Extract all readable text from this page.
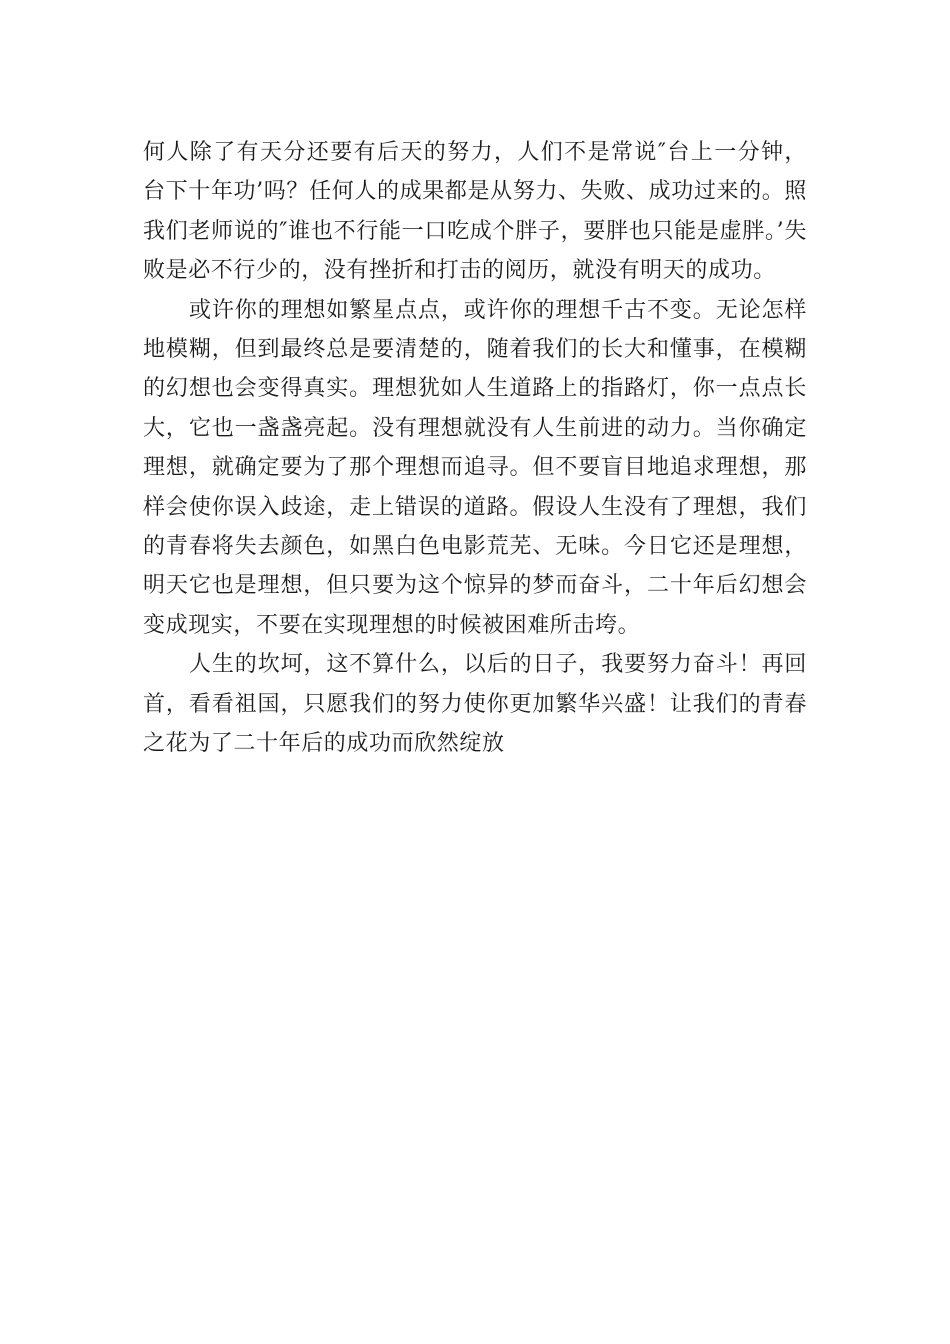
何人除了有天分还要有后天的努力，人们不是常说″台上一分钟，台下十年功’吗？任何人的成果都是从努力、失败、成功过来的。照我们老师说的″谁也不行能一口吃成个胖子，要胖也只能是虚胖。’失败是必不行少的，没有挫折和打击的阅历，就没有明天的成功。

或许你的理想如繁星点点，或许你的理想千古不变。无论怎样地模糊，但到最终总是要清楚的，随着我们的长大和懂事，在模糊的幻想也会变得真实。理想犹如人生道路上的指路灯，你一点点长大，它也一盏盏亮起。没有理想就没有人生前进的动力。当你确定理想，就确定要为了那个理想而追寻。但不要盲目地追求理想，那样会使你误入歧途，走上错误的道路。假设人生没有了理想，我们的青春将失去颜色，如黑白色电影荒芜、无味。今日它还是理想，明天它也是理想，但只要为这个惊异的梦而奋斗，二十年后幻想会变成现实，不要在实现理想的时候被困难所击垮。

人生的坎坷，这不算什么，以后的日子，我要努力奋斗！再回首，看看祖国，只愿我们的努力使你更加繁华兴盛！让我们的青春之花为了二十年后的成功而欣然绽放
